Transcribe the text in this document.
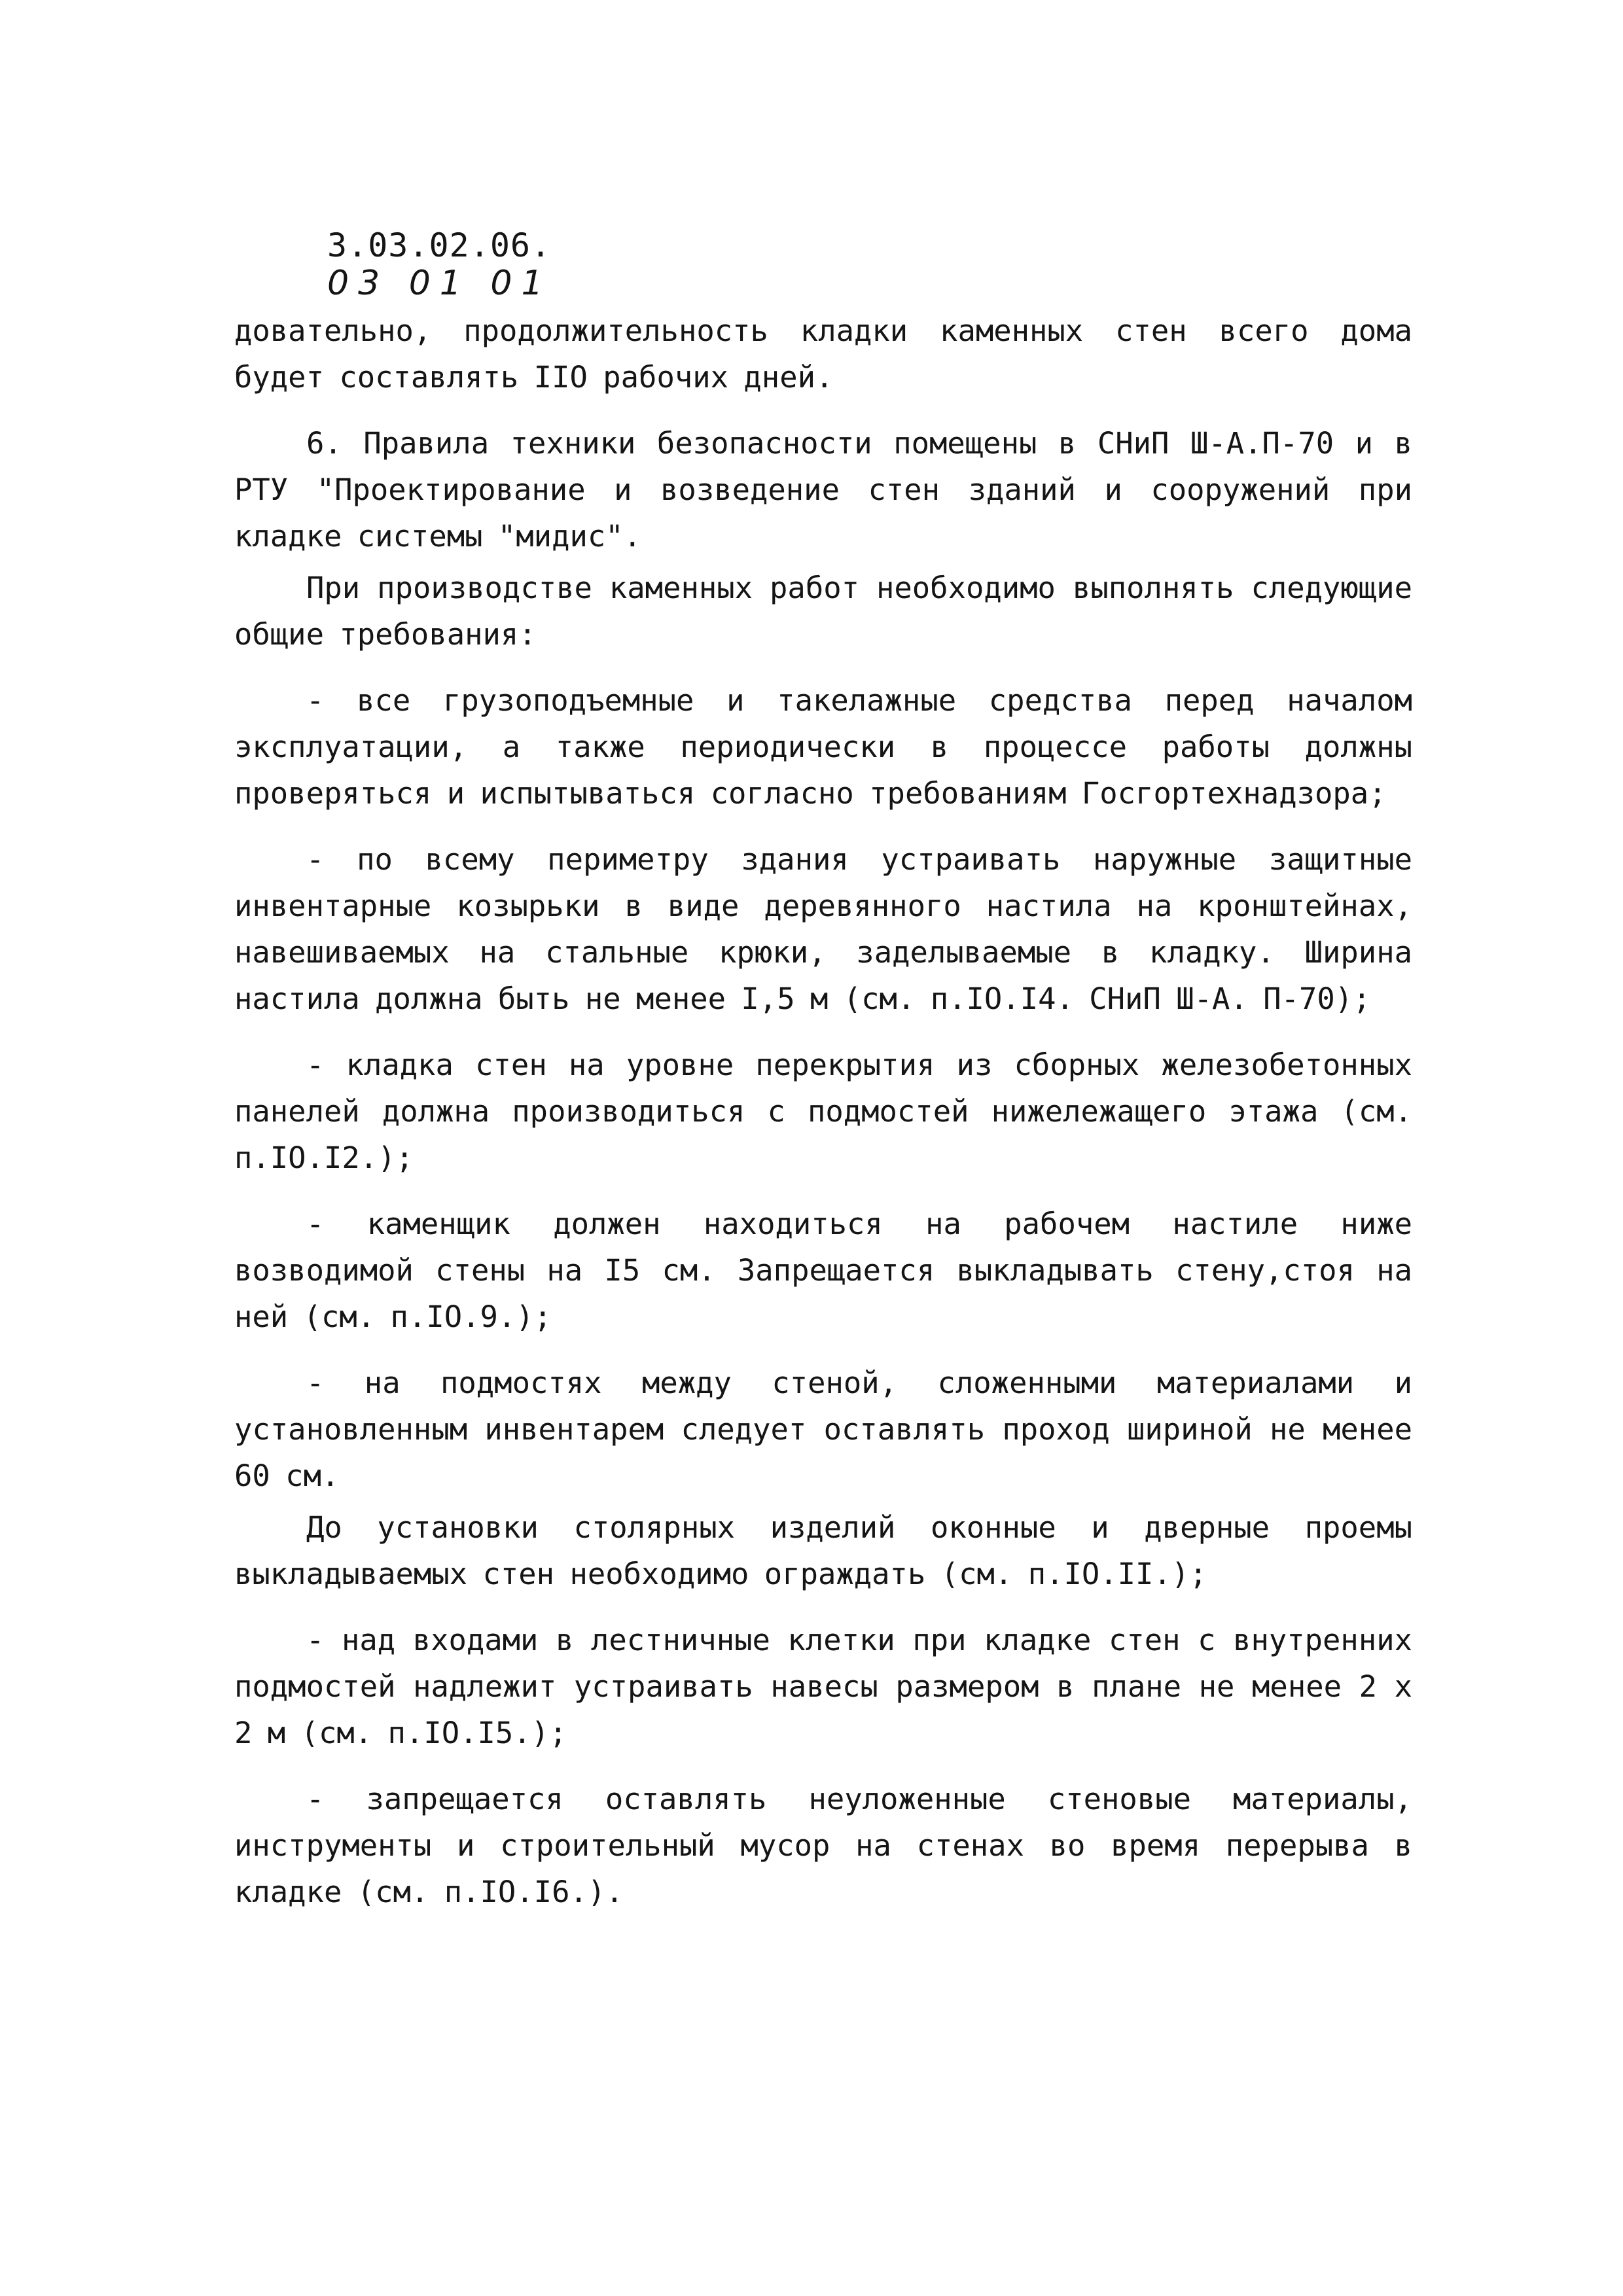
3.03.02.06.
03 01 01

довательно, продолжительность кладки каменных стен всего дома будет составлять IIO рабочих дней.

6. Правила техники безопасности помещены в СНиП Ш-А.П-70 и в РТУ "Проектирование и возведение стен зданий и сооружений при кладке системы "мидис".

При производстве каменных работ необходимо выполнять следующие общие требования:

- все грузоподъемные и такелажные средства перед началом эксплуатации, а также периодически в процессе работы должны проверяться и испытываться согласно требованиям Госгортехнадзора;

- по всему периметру здания устраивать наружные защитные инвентарные козырьки в виде деревянного настила на кронштейнах, навешиваемых на стальные крюки, заделываемые в кладку. Ширина настила должна быть не менее I,5 м (см. п.IO.I4. СНиП Ш-А. П-70);

- кладка стен на уровне перекрытия из сборных железобетонных панелей должна производиться с подмостей нижележащего этажа (см. п.IO.I2.);

- каменщик должен находиться на рабочем настиле ниже возводимой стены на I5 см. Запрещается выкладывать стену,стоя на ней (см. п.IO.9.);

- на подмостях между стеной, сложенными материалами и установленным инвентарем следует оставлять проход шириной не менее 60 см.

До установки столярных изделий оконные и дверные проемы выкладываемых стен необходимо ограждать (см. п.IO.II.);

- над входами в лестничные клетки при кладке стен с внутренних подмостей надлежит устраивать навесы размером в плане не менее 2 х 2 м (см. п.IO.I5.);

- запрещается оставлять неуложенные стеновые материалы, инструменты и строительный мусор на стенах во время перерыва в кладке (см. п.IO.I6.).
